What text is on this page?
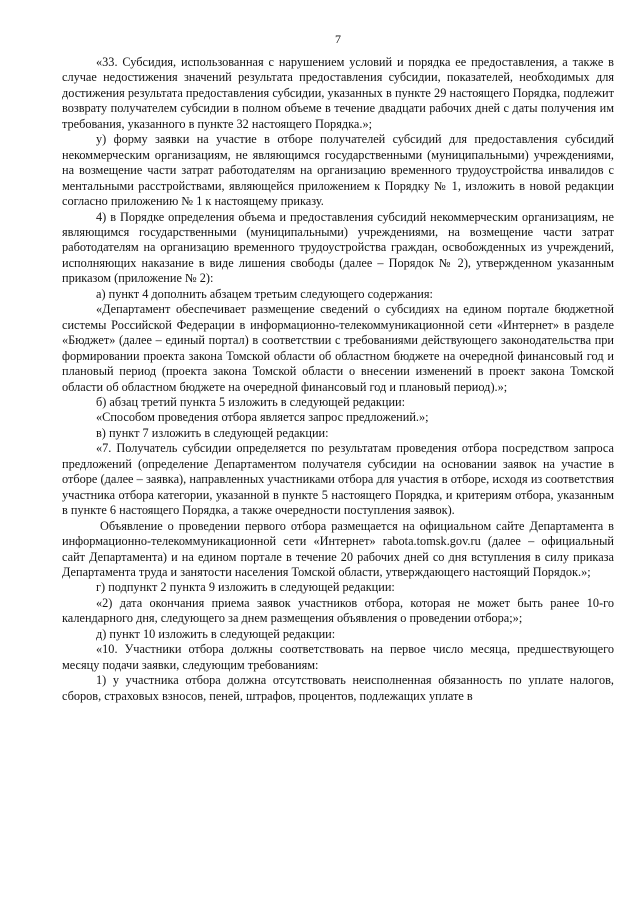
7

«33. Субсидия, использованная с нарушением условий и порядка ее предоставления, а также в случае недостижения значений результата предоставления субсидии, показателей, необходимых для достижения результата предоставления субсидии, указанных в пункте 29 настоящего Порядка, подлежит возврату получателем субсидии в полном объеме в течение двадцати рабочих дней с даты получения им требования, указанного в пункте 32 настоящего Порядка.»;

у) форму заявки на участие в отборе получателей субсидий для предоставления субсидий некоммерческим организациям, не являющимся государственными (муниципальными) учреждениями, на возмещение части затрат работодателям на организацию временного трудоустройства инвалидов с ментальными расстройствами, являющейся приложением к Порядку № 1, изложить в новой редакции согласно приложению № 1 к настоящему приказу.

4) в Порядке определения объема и предоставления субсидий некоммерческим организациям, не являющимся государственными (муниципальными) учреждениями, на возмещение части затрат работодателям на организацию временного трудоустройства граждан, освобожденных из учреждений, исполняющих наказание в виде лишения свободы (далее – Порядок № 2), утвержденном указанным приказом (приложение № 2):

а) пункт 4 дополнить абзацем третьим следующего содержания:

«Департамент обеспечивает размещение сведений о субсидиях на едином портале бюджетной системы Российской Федерации в информационно-телекоммуникационной сети «Интернет» в разделе «Бюджет» (далее – единый портал) в соответствии с требованиями действующего законодательства при формировании проекта закона Томской области об областном бюджете на очередной финансовый год и плановый период (проекта закона Томской области о внесении изменений в проект закона Томской области об областном бюджете на очередной финансовый год и плановый период).»;

б) абзац третий пункта 5 изложить в следующей редакции:

«Способом проведения отбора является запрос предложений.»;

в) пункт 7 изложить в следующей редакции:

«7. Получатель субсидии определяется по результатам проведения отбора посредством запроса предложений (определение Департаментом получателя субсидии на основании заявок на участие в отборе (далее – заявка), направленных участниками отбора для участия в отборе, исходя из соответствия участника отбора категории, указанной в пункте 5 настоящего Порядка, и критериям отбора, указанным в пункте 6 настоящего Порядка, а также очередности поступления заявок).

Объявление о проведении первого отбора размещается на официальном сайте Департамента в информационно-телекоммуникационной сети «Интернет» rabota.tomsk.gov.ru (далее – официальный сайт Департамента) и на едином портале в течение 20 рабочих дней со дня вступления в силу приказа Департамента труда и занятости населения Томской области, утверждающего настоящий Порядок.»;

г) подпункт 2 пункта 9 изложить в следующей редакции:

«2) дата окончания приема заявок участников отбора, которая не может быть ранее 10-го календарного дня, следующего за днем размещения объявления о проведении отбора;»;

д) пункт 10 изложить в следующей редакции:

«10. Участники отбора должны соответствовать на первое число месяца, предшествующего месяцу подачи заявки, следующим требованиям:

1) у участника отбора должна отсутствовать неисполненная обязанность по уплате налогов, сборов, страховых взносов, пеней, штрафов, процентов, подлежащих уплате в
